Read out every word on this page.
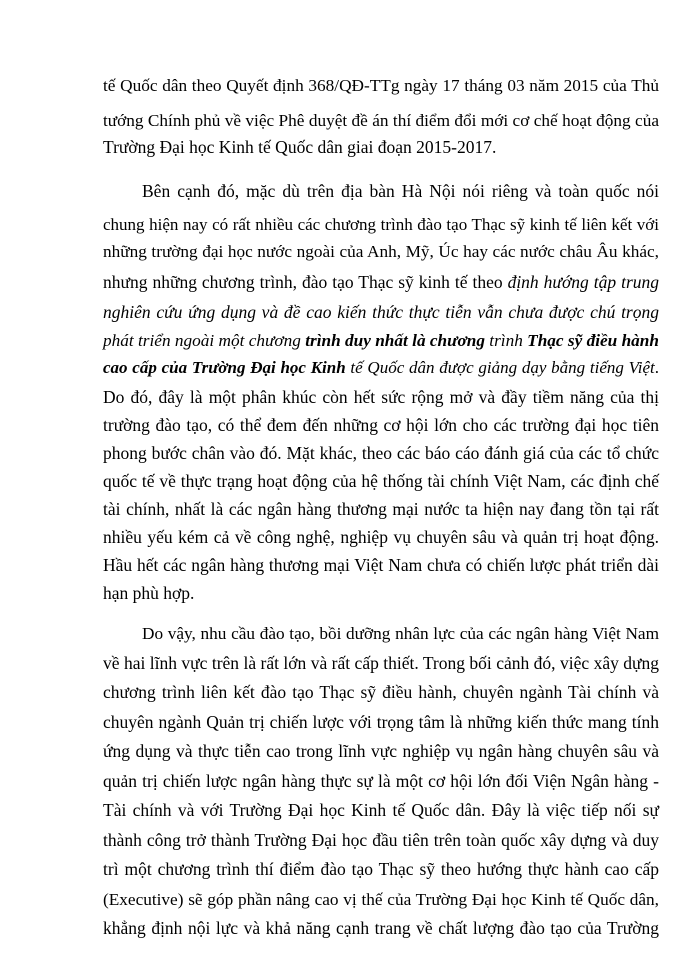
tế Quốc dân theo Quyết định 368/QĐ-TTg ngày 17 tháng 03 năm 2015 của Thủ
tướng Chính phủ về việc Phê duyệt đề án thí điểm đổi mới cơ chế hoạt động của
Trường Đại học Kinh tế Quốc dân giai đoạn 2015-2017.
Bên cạnh đó, mặc dù trên địa bàn Hà Nội nói riêng và toàn quốc nói
chung hiện nay có rất nhiều các chương trình đào tạo Thạc sỹ kinh tế liên kết với
những trường đại học nước ngoài của Anh, Mỹ, Úc hay các nước châu Âu khác,
nhưng những chương trình, đào tạo Thạc sỹ kinh tế theo định hướng tập trung
nghiên cứu ứng dụng và đề cao kiến thức thực tiễn vẫn chưa được chú trọng
phát triển ngoài một chương trình duy nhất là chương trình Thạc sỹ điều hành
cao cấp của Trường Đại học Kinh tế Quốc dân được giảng dạy bằng tiếng Việt.
Do đó, đây là một phân khúc còn hết sức rộng mở và đầy tiềm năng của thị
trường đào tạo, có thể đem đến những cơ hội lớn cho các trường đại học tiên
phong bước chân vào đó. Mặt khác, theo các báo cáo đánh giá của các tổ chức
quốc tế về thực trạng hoạt động của hệ thống tài chính Việt Nam, các định chế
tài chính, nhất là các ngân hàng thương mại nước ta hiện nay đang tồn tại rất
nhiều yếu kém cả về công nghệ, nghiệp vụ chuyên sâu và quản trị hoạt động.
Hầu hết các ngân hàng thương mại Việt Nam chưa có chiến lược phát triển dài
hạn phù hợp.
Do vậy, nhu cầu đào tạo, bồi dưỡng nhân lực của các ngân hàng Việt Nam
về hai lĩnh vực trên là rất lớn và rất cấp thiết. Trong bối cảnh đó, việc xây dựng
chương trình liên kết đào tạo Thạc sỹ điều hành, chuyên ngành Tài chính và
chuyên ngành Quản trị chiến lược với trọng tâm là những kiến thức mang tính
ứng dụng và thực tiễn cao trong lĩnh vực nghiệp vụ ngân hàng chuyên sâu và
quản trị chiến lược ngân hàng thực sự là một cơ hội lớn đối Viện Ngân hàng -
Tài chính và với Trường Đại học Kinh tế Quốc dân. Đây là việc tiếp nối sự
thành công trở thành Trường Đại học đầu tiên trên toàn quốc xây dựng và duy
trì một chương trình thí điểm đào tạo Thạc sỹ theo hướng thực hành cao cấp
(Executive) sẽ góp phần nâng cao vị thế của Trường Đại học Kinh tế Quốc dân,
khẳng định nội lực và khả năng cạnh trang về chất lượng đào tạo của Trường
